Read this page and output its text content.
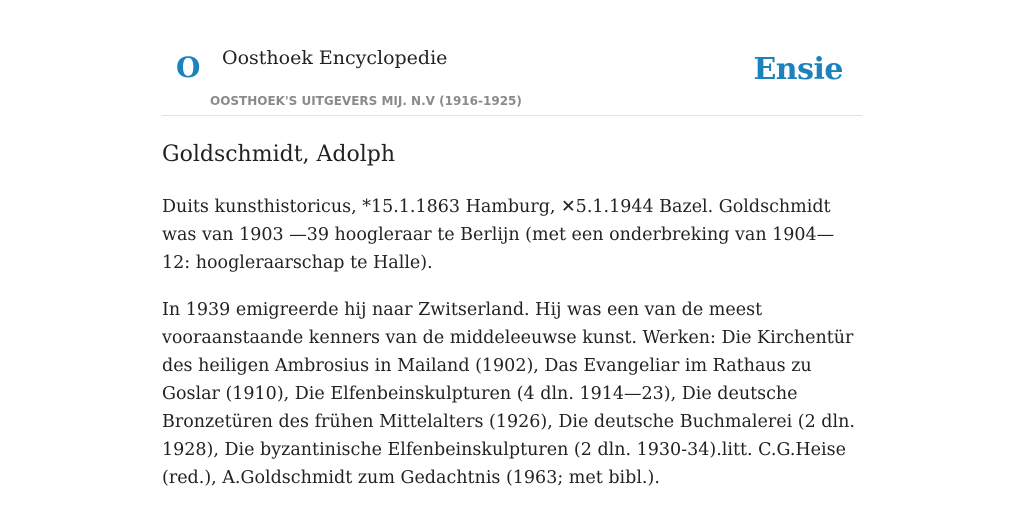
O Oosthoek Encyclopedie	Ensie
OOSTHOEK'S UITGEVERS MIJ. N.V (1916-1925)
Goldschmidt, Adolph

Duits kunsthistoricus, *15.1.1863 Hamburg, ✕5.1.1944 Bazel. Goldschmidt was van 1903 —39 hoogleraar te Berlijn (met een onderbreking van 1904—12: hoogleraarschap te Halle).

In 1939 emigreerde hij naar Zwitserland. Hij was een van de meest vooraanstaande kenners van de middeleeuwse kunst. Werken: Die Kirchentür des heiligen Ambrosius in Mailand (1902), Das Evangeliar im Rathaus zu Goslar (1910), Die Elfenbeinskulpturen (4 dln. 1914—23), Die deutsche Bronzetüren des frühen Mittelalters (1926), Die deutsche Buchmalerei (2 dln. 1928), Die byzantinische Elfenbeinskulpturen (2 dln. 1930-34).litt. C.G.Heise (red.), A.Goldschmidt zum Gedachtnis (1963; met bibl.).
